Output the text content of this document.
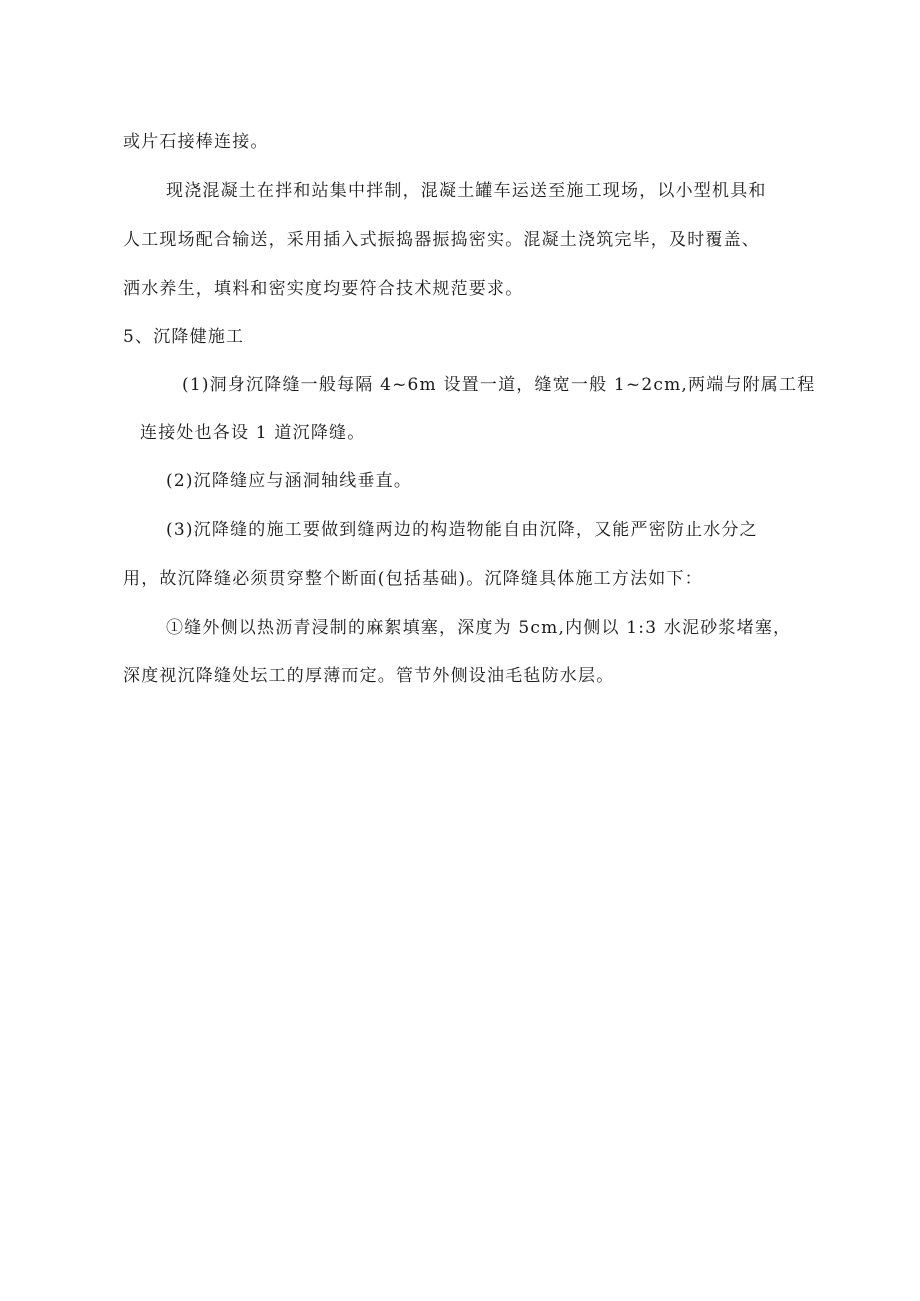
或片石接棒连接。
现浇混凝土在拌和站集中拌制，混凝土罐车运送至施工现场，以小型机具和
人工现场配合输送，采用插入式振捣器振捣密实。混凝土浇筑完毕，及时覆盖、
洒水养生，填料和密实度均要符合技术规范要求。
5、沉降健施工
(1)洞身沉降缝一般每隔 4~6m 设置一道，缝宽一般 1~2cm,两端与附属工程
连接处也各设 1 道沉降缝。
(2)沉降缝应与涵洞轴线垂直。
(3)沉降缝的施工要做到缝两边的构造物能自由沉降，又能严密防止水分之
用，故沉降缝必须贯穿整个断面(包括基础)。沉降缝具体施工方法如下：
①缝外侧以热沥青浸制的麻絮填塞，深度为 5cm,内侧以 1:3 水泥砂浆堵塞，
深度视沉降缝处坛工的厚薄而定。管节外侧设油毛毡防水层。
